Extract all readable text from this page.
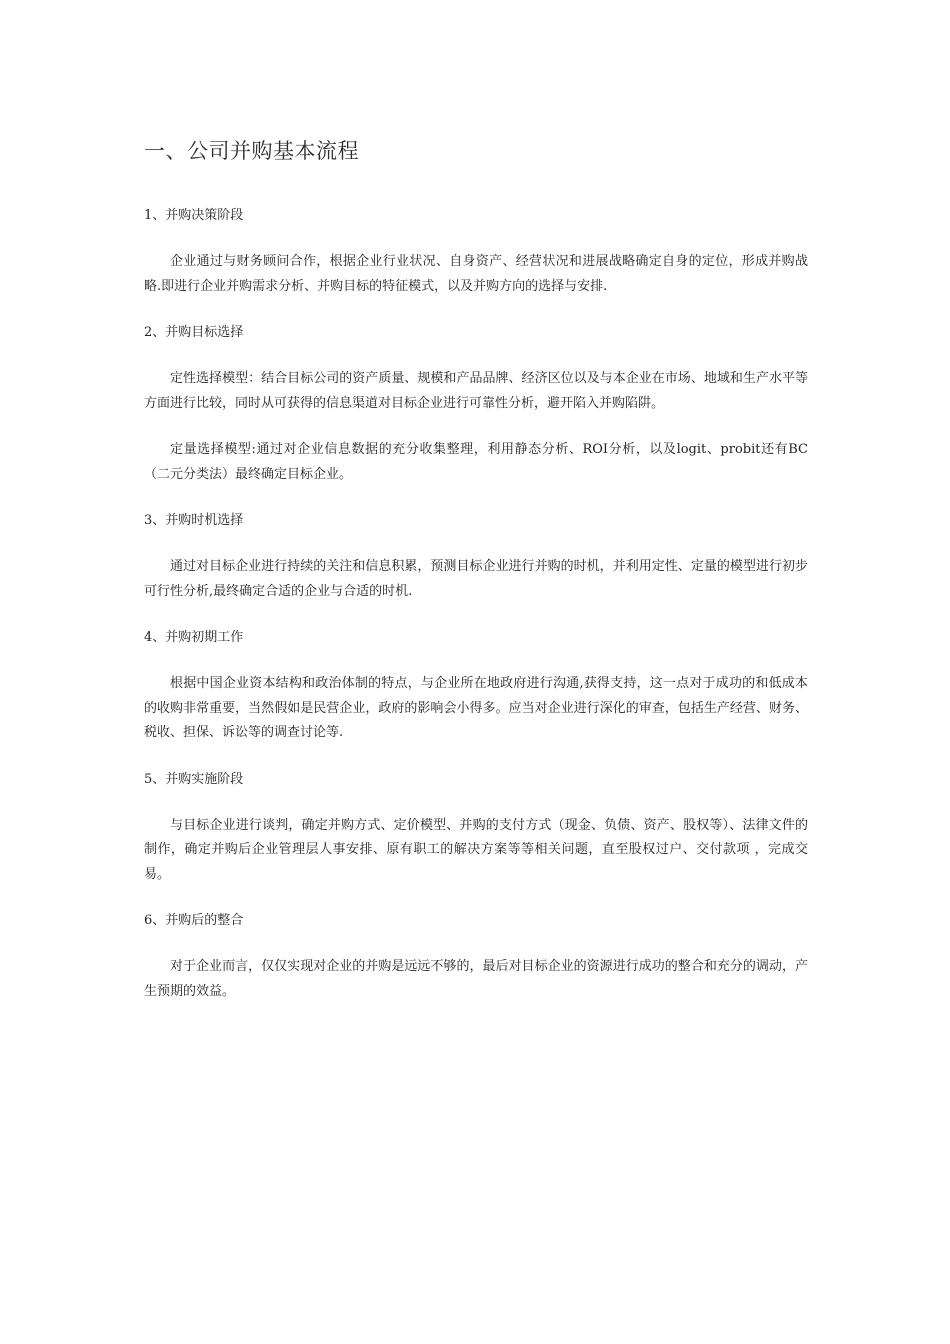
一、公司并购基本流程

1、并购决策阶段

企业通过与财务顾问合作，根据企业行业状况、自身资产、经营状况和进展战略确定自身的定位，形成并购战略.即进行企业并购需求分析、并购目标的特征模式，以及并购方向的选择与安排.

2、并购目标选择

定性选择模型：结合目标公司的资产质量、规模和产品品牌、经济区位以及与本企业在市场、地域和生产水平等方面进行比较，同时从可获得的信息渠道对目标企业进行可靠性分析，避开陷入并购陷阱。

定量选择模型:通过对企业信息数据的充分收集整理，利用静态分析、ROI分析，以及logit、probit还有BC（二元分类法）最终确定目标企业。

3、并购时机选择

通过对目标企业进行持续的关注和信息积累，预测目标企业进行并购的时机，并利用定性、定量的模型进行初步可行性分析,最终确定合适的企业与合适的时机.

4、并购初期工作

根据中国企业资本结构和政治体制的特点，与企业所在地政府进行沟通,获得支持，这一点对于成功的和低成本的收购非常重要，当然假如是民营企业，政府的影响会小得多。应当对企业进行深化的审查，包括生产经营、财务、税收、担保、诉讼等的调查讨论等.

5、并购实施阶段

与目标企业进行谈判，确定并购方式、定价模型、并购的支付方式（现金、负债、资产、股权等）、法律文件的制作，确定并购后企业管理层人事安排、原有职工的解决方案等等相关问题，直至股权过户、交付款项 ，完成交易。

6、并购后的整合

对于企业而言，仅仅实现对企业的并购是远远不够的，最后对目标企业的资源进行成功的整合和充分的调动，产生预期的效益。
